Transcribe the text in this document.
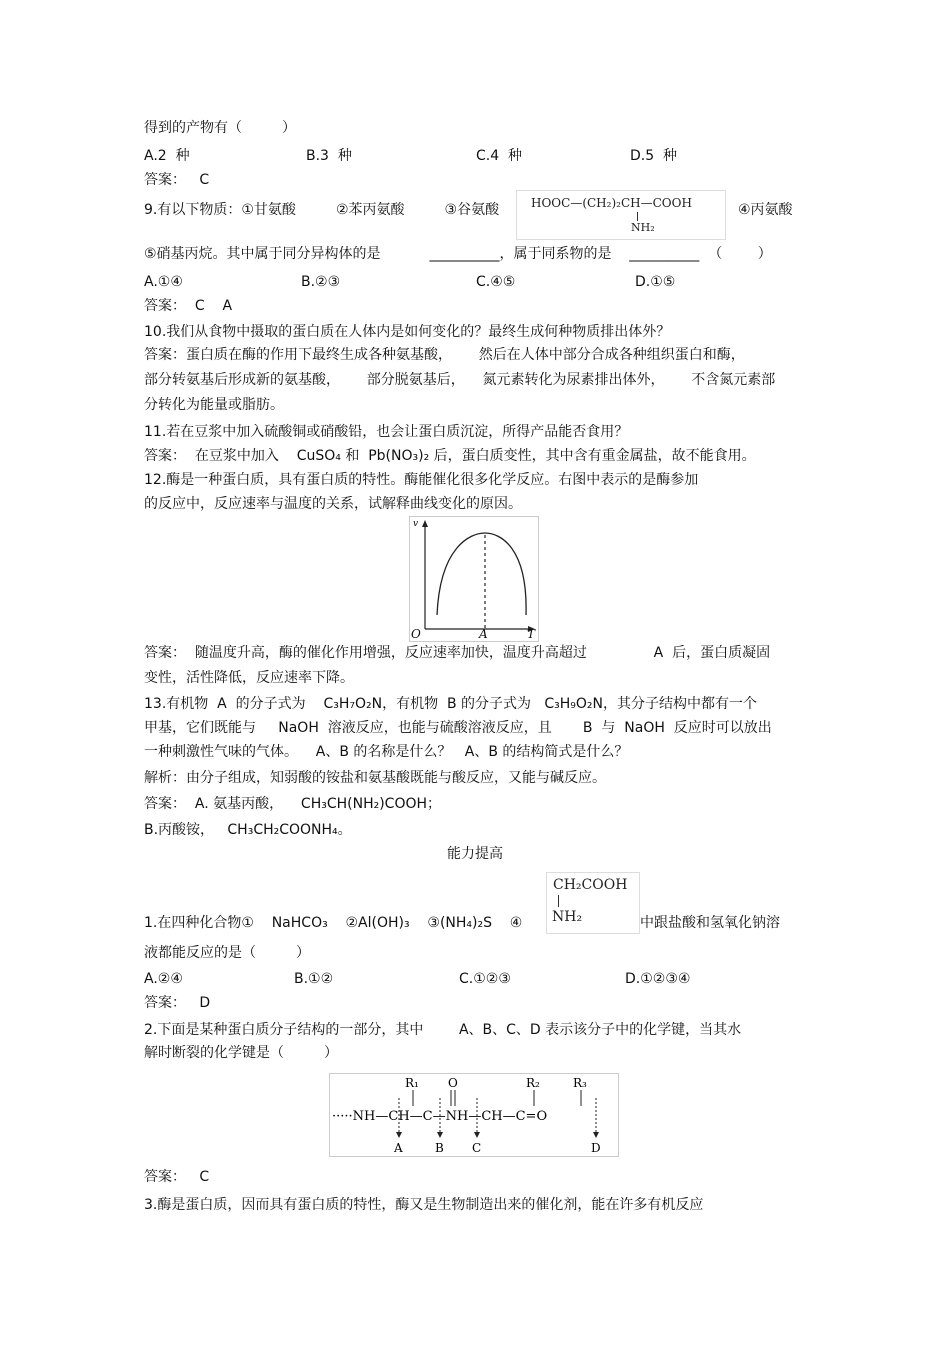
得到的产物有（         ）
A.2  种	B.3  种	C.4  种	D.5  种
答案：   C
9.有以下物质：①甘氨酸         ②苯丙氨酸         ③谷氨酸	HOOC—(CH₂)₂CH—COOH
NH₂
④丙氨酸
⑤硝基丙烷。其中属于同分异构体的是           __________，属于同系物的是    __________  （        ）
A.①④	B.②③	C.④⑤	D.①⑤
答案：  C    A
10.我们从食物中摄取的蛋白质在人体内是如何变化的？最终生成何种物质排出体外？
答案：蛋白质在酶的作用下最终生成各种氨基酸，      然后在人体中部分合成各种组织蛋白和酶，
部分转氨基后形成新的氨基酸，      部分脱氨基后，    氮元素转化为尿素排出体外，      不含氮元素部
分转化为能量或脂肪。
11.若在豆浆中加入硫酸铜或硝酸铅，也会让蛋白质沉淀，所得产品能否食用？
答案：  在豆浆中加入    CuSO₄ 和  Pb(NO₃)₂ 后，蛋白质变性，其中含有重金属盐，故不能食用。
12.酶是一种蛋白质，具有蛋白质的特性。酶能催化很多化学反应。右图中表示的是酶参加
的反应中，反应速率与温度的关系，试解释曲线变化的原因。
v
O	A	T
答案：  随温度升高，酶的催化作用增强，反应速率加快，温度升高超过               A  后，蛋白质凝固
变性，活性降低，反应速率下降。
13.有机物  A  的分子式为    C₃H₇O₂N，有机物  B 的分子式为   C₃H₉O₂N，其分子结构中都有一个
甲基，它们既能与     NaOH  溶液反应，也能与硫酸溶液反应，且       B  与  NaOH  反应时可以放出
一种刺激性气味的气体。    A、B 的名称是什么？   A、B 的结构简式是什么？
解析：由分子组成，知弱酸的铵盐和氨基酸既能与酸反应，又能与碱反应。
答案：  A. 氨基丙酸，    CH₃CH(NH₂)COOH；
B.丙酸铵，   CH₃CH₂COONH₄。
能力提高
1.在四种化合物①    NaHCO₃    ②Al(OH)₃    ③(NH₄)₂S    ④
CH₂COOH
NH₂	中跟盐酸和氢氧化钠溶
液都能反应的是（         ）
A.②④	B.①②	C.①②③	D.①②③④
答案：   D
2.下面是某种蛋白质分子结构的一部分，其中        A、B、C、D 表示该分子中的化学键，当其水
解时断裂的化学键是（         ）
·····NH—CH—C—NH—CH—C=O
R₁ O	R₂	R₃
A	B C	D
答案：   C
3.酶是蛋白质，因而具有蛋白质的特性，酶又是生物制造出来的催化剂，能在许多有机反应
